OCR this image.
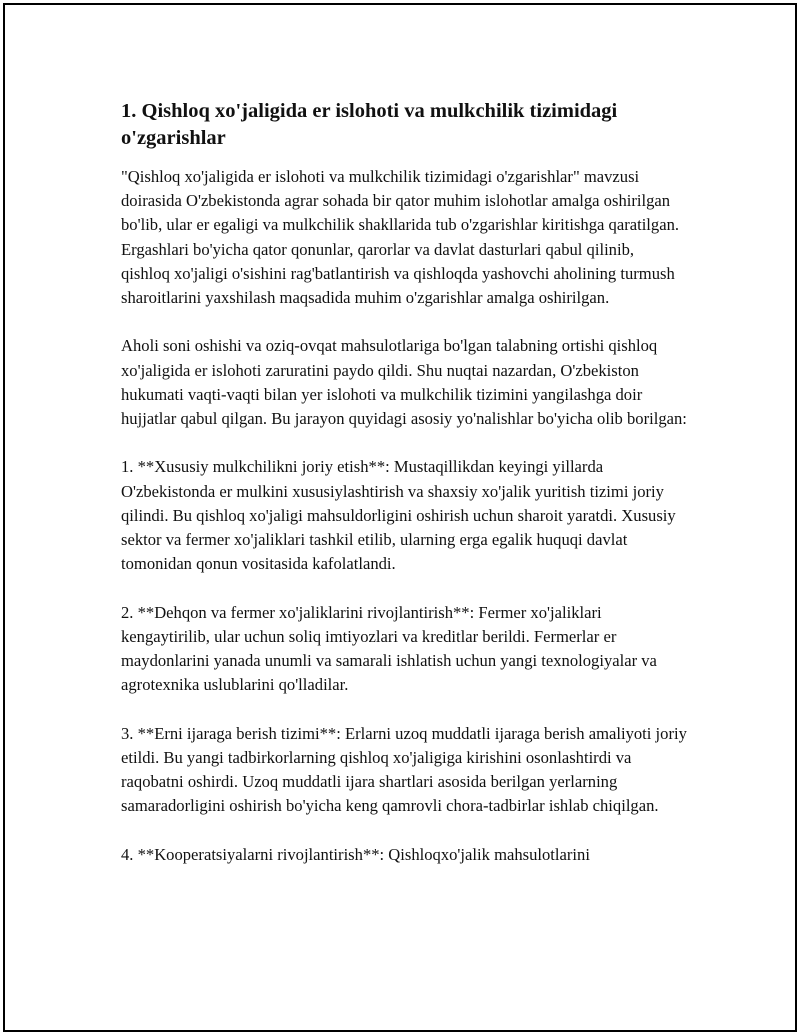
1. Qishloq xo'jaligida er islohoti va mulkchilik tizimidagi o'zgarishlar

"Qishloq xo'jaligida er islohoti va mulkchilik tizimidagi o'zgarishlar" mavzusi doirasida O'zbekistonda agrar sohada bir qator muhim islohotlar amalga oshirilgan bo'lib, ular er egaligi va mulkchilik shakllarida tub o'zgarishlar kiritishga qaratilgan. Ergashlari bo'yicha qator qonunlar, qarorlar va davlat dasturlari qabul qilinib, qishloq xo'jaligi o'sishini rag'batlantirish va qishloqda yashovchi aholining turmush sharoitlarini yaxshilash maqsadida muhim o'zgarishlar amalga oshirilgan.

Aholi soni oshishi va oziq-ovqat mahsulotlariga bo'lgan talabning ortishi qishloq xo'jaligida er islohoti zaruratini paydo qildi. Shu nuqtai nazardan, O'zbekiston hukumati vaqti-vaqti bilan yer islohoti va mulkchilik tizimini yangilashga doir hujjatlar qabul qilgan. Bu jarayon quyidagi asosiy yo'nalishlar bo'yicha olib borilgan:

1. **Xususiy mulkchilikni joriy etish**: Mustaqillikdan keyingi yillarda O'zbekistonda er mulkini xususiylashtirish va shaxsiy xo'jalik yuritish tizimi joriy qilindi. Bu qishloq xo'jaligi mahsuldorligini oshirish uchun sharoit yaratdi. Xususiy sektor va fermer xo'jaliklari tashkil etilib, ularning erga egalik huquqi davlat tomonidan qonun vositasida kafolatlandi.

2. **Dehqon va fermer xo'jaliklarini rivojlantirish**: Fermer xo'jaliklari kengaytirilib, ular uchun soliq imtiyozlari va kreditlar berildi. Fermerlar er maydonlarini yanada unumli va samarali ishlatish uchun yangi texnologiyalar va agrotexnika uslublarini qo'lladilar.

3. **Erni ijaraga berish tizimi**: Erlarni uzoq muddatli ijaraga berish amaliyoti joriy etildi. Bu yangi tadbirkorlarning qishloq xo'jaligiga kirishini osonlashtirdi va raqobatni oshirdi. Uzoq muddatli ijara shartlari asosida berilgan yerlarning samaradorligini oshirish bo'yicha keng qamrovli chora-tadbirlar ishlab chiqilgan.

4. **Kooperatsiyalarni rivojlantirish**: Qishloqxo'jalik mahsulotlarini
